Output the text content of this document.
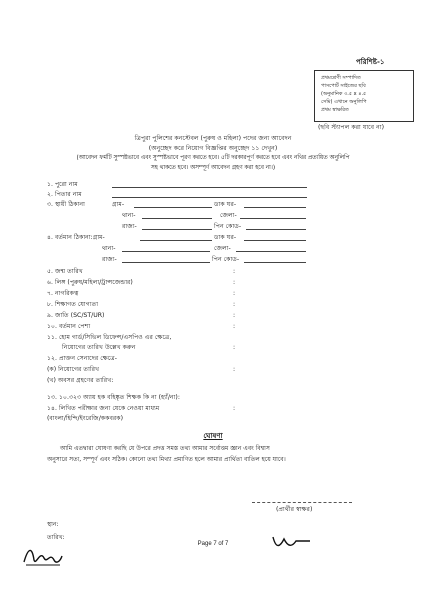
পরিশিষ্ট-১
প্রথমশ্রেণী সম্পাদিত
পাসপোর্ট সাইজের ছবি
(অনুমানিক ৩.৫ x ৪.৫
সেমি) এখানে অনুলিপি
প্রথম স্বাক্ষরিত
(ছবি স্ট্যাপল করা যাবে না)
ত্রিপুরা পুলিশের কনস্টেবল (পুরুষ ও মহিলা) পদের জন্য আবেদন
(অনুচ্ছেদ করে নিয়োগ বিজ্ঞপ্তির অনুচ্ছেদ ১১ দেখুন)
(আবেদন ফর্মটি সুস্পষ্টভাবে এবং সুস্পষ্টভাবে পূরণ করতে হবে। ৫টি দরকারপূর্ণ করতে হবে এবং নথির প্রত্যয়িত অনুলিপি
সহ থাকতে হবে। অসম্পূর্ণ আবেদন গ্রহণ করা হবে না।)
১. পুরো নাম
২. পিতার নাম
৩. স্থায়ী ঠিকানা	গ্রাম-	ডাক ঘর-
থানা-	জেলা-
রাজ্য-	পিন কোড-
৪. বর্তমান ঠিকানা:গ্রাম-	ডাক ঘর-
থানা-	জেলা-
রাজ্য-	পিন কোড-
৫. জন্ম তারিখ	:
৬. লিঙ্গ (পুরুষ/মহিলা/ট্রান্সজেন্ডার)	:
৭. নাগরিকত্ব	:
৮. শিক্ষাগত যোগ্যতা	:
৯. জাতি (SC/ST/UR)	:
১০. বর্তমান পেশা	:
১১. হোম গার্ড/সিভিল ডিফেন্স/এসপিও এর ক্ষেত্রে,
নিয়োগের তারিখ উল্লেখ করুন	:
১২. প্রাক্তন সেনাদের ক্ষেত্রে-
(ক) নিয়োগের তারিখ	:
(খ) অবসর গ্রহণের তারিখ:
১৩. ১০.৩২৩ অ্যায় হক বহিষ্কৃত শিক্ষক কি না (হ্যাঁ/না):
১৪. লিখিত পরীক্ষার জন্য যেকে নেওয়া মাধ্যম	:
(বাংলা/হিন্দি/ইংরেজি/ককবরক)
ঘোষণা
আমি এতদ্বারা ঘোষণা করছি যে উপরে প্রদত্ত সমস্ত তথ্য আমার সর্বোত্তম জ্ঞান এবং বিশ্বাস
অনুসারে সত্য, সম্পূর্ণ এবং সঠিক। কোনো তথ্য মিথ্যা প্রমাণিত হলে আমার প্রার্থিতা বাতিল হয়ে যাবে।
(প্রার্থীর স্বাক্ষর)
স্থান:
তারিখ:
Page 7 of 7
